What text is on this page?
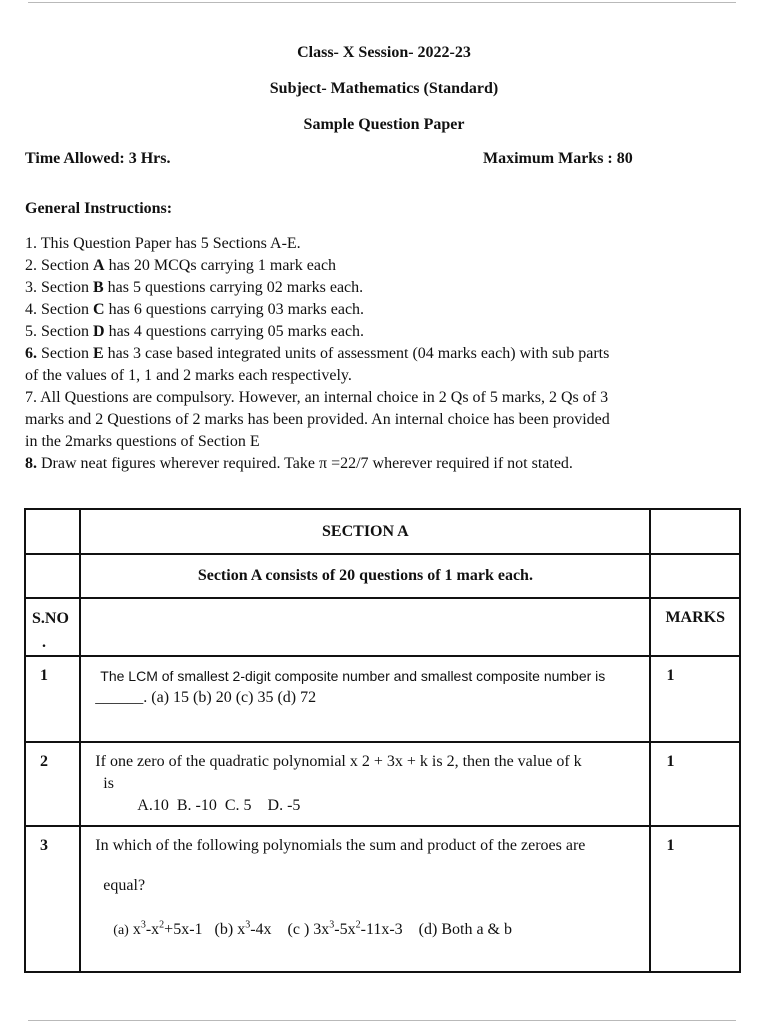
Class- X Session- 2022-23
Subject- Mathematics (Standard)
Sample Question Paper
Time Allowed: 3 Hrs.	Maximum Marks : 80
General Instructions:
1. This Question Paper has 5 Sections A-E.
2. Section A has 20 MCQs carrying 1 mark each
3. Section B has 5 questions carrying 02 marks each.
4. Section C has 6 questions carrying 03 marks each.
5. Section D has 4 questions carrying 05 marks each.
6. Section E has 3 case based integrated units of assessment (04 marks each) with sub parts
of the values of 1, 1 and 2 marks each respectively.
7. All Questions are compulsory. However, an internal choice in 2 Qs of 5 marks, 2 Qs of 3
marks and 2 Questions of 2 marks has been provided. An internal choice has been provided
in the 2marks questions of Section E
8. Draw neat figures wherever required. Take π =22/7 wherever required if not stated.
	SECTION A	
	Section A consists of 20 questions of 1 mark each.	

S.NO
.		MARKS
1	The LCM of smallest 2-digit composite number and smallest composite number is
______. (a) 15 (b) 20 (c) 35 (d) 72	1
2	If one zero of the quadratic polynomial x 2 + 3x + k is 2, then the value of k
is
A.10  B. -10  C. 5    D. -5	1
3	In which of the following polynomials the sum and product of the zeroes are
equal?
(a) $x^3-x^2+5x-1$ (b) $x^3-4x$ (c ) $3x^3-5x^2-11x-3$ (d) Both a & b	1
